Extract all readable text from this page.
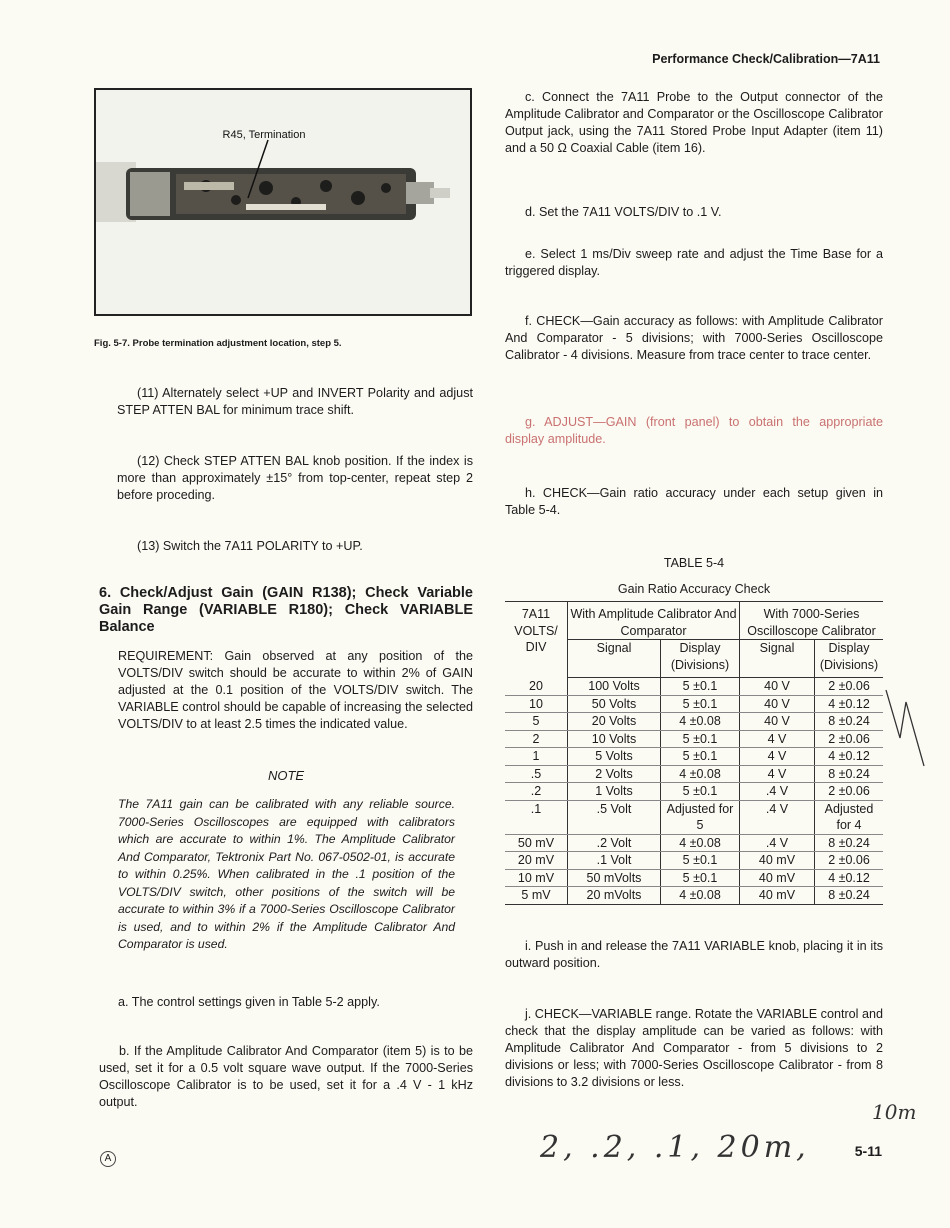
Performance Check/Calibration—7A11
R45, Termination
Fig. 5-7. Probe termination adjustment location, step 5.

(11) Alternately select +UP and INVERT Polarity and adjust STEP ATTEN BAL for minimum trace shift.

(12) Check STEP ATTEN BAL knob position. If the index is more than approximately ±15° from top-center, repeat step 2 before proceding.

(13) Switch the 7A11 POLARITY to +UP.

6. Check/Adjust Gain (GAIN R138); Check Variable Gain Range (VARIABLE R180); Check VARIABLE Balance

REQUIREMENT: Gain observed at any position of the VOLTS/DIV switch should be accurate to within 2% of GAIN adjusted at the 0.1 position of the VOLTS/DIV switch. The VARIABLE control should be capable of increasing the selected VOLTS/DIV to at least 2.5 times the indicated value.

NOTE

The 7A11 gain can be calibrated with any reliable source. 7000-Series Oscilloscopes are equipped with calibrators which are accurate to within 1%. The Amplitude Calibrator And Comparator, Tektronix Part No. 067-0502-01, is accurate to within 0.25%. When calibrated in the .1 position of the VOLTS/DIV switch, other positions of the switch will be accurate to within 3% if a 7000-Series Oscilloscope Calibrator is used, and to within 2% if the Amplitude Calibrator And Comparator is used.

a. The control settings given in Table 5-2 apply.

b. If the Amplitude Calibrator And Comparator (item 5) is to be used, set it for a 0.5 volt square wave output. If the 7000-Series Oscilloscope Calibrator is to be used, set it for a .4 V - 1 kHz output.

c. Connect the 7A11 Probe to the Output connector of the Amplitude Calibrator and Comparator or the Oscilloscope Calibrator Output jack, using the 7A11 Stored Probe Input Adapter (item 11) and a 50 Ω Coaxial Cable (item 16).

d. Set the 7A11 VOLTS/DIV to .1 V.

e. Select 1 ms/Div sweep rate and adjust the Time Base for a triggered display.

f. CHECK—Gain accuracy as follows: with Amplitude Calibrator And Comparator - 5 divisions; with 7000-Series Oscilloscope Calibrator - 4 divisions. Measure from trace center to trace center.

g. ADJUST—GAIN (front panel) to obtain the appropriate display amplitude.

h. CHECK—Gain ratio accuracy under each setup given in Table 5-4.

TABLE 5-4
Gain Ratio Accuracy Check
7A11
VOLTS/
DIV	With Amplitude Calibrator And Comparator		With 7000-Series Oscilloscope Calibrator	
	Signal	Display (Divisions)	Signal	Display (Divisions)
20	100 Volts	5 ±0.1	40 V	2 ±0.06
10	50 Volts	5 ±0.1	40 V	4 ±0.12
5	20 Volts	4 ±0.08	40 V	8 ±0.24
2	10 Volts	5 ±0.1	4 V	2 ±0.06
1	5 Volts	5 ±0.1	4 V	4 ±0.12
.5	2 Volts	4 ±0.08	4 V	8 ±0.24
.2	1 Volts	5 ±0.1	.4 V	2 ±0.06
.1	.5 Volt	Adjusted for 5	.4 V	Adjusted for 4
50 mV	.2 Volt	4 ±0.08	.4 V	8 ±0.24
20 mV	.1 Volt	5 ±0.1	40 mV	2 ±0.06
10 mV	50 mVolts	5 ±0.1	40 mV	4 ±0.12
5 mV	20 mVolts	4 ±0.08	40 mV	8 ±0.24

i. Push in and release the 7A11 VARIABLE knob, placing it in its outward position.

j. CHECK—VARIABLE range. Rotate the VARIABLE control and check that the display amplitude can be varied as follows: with Amplitude Calibrator And Comparator - from 5 divisions to 2 divisions or less; with 7000-Series Oscilloscope Calibrator - from 8 divisions to 3.2 divisions or less.

2, .2, .1, 20m,
10m
A	5-11
